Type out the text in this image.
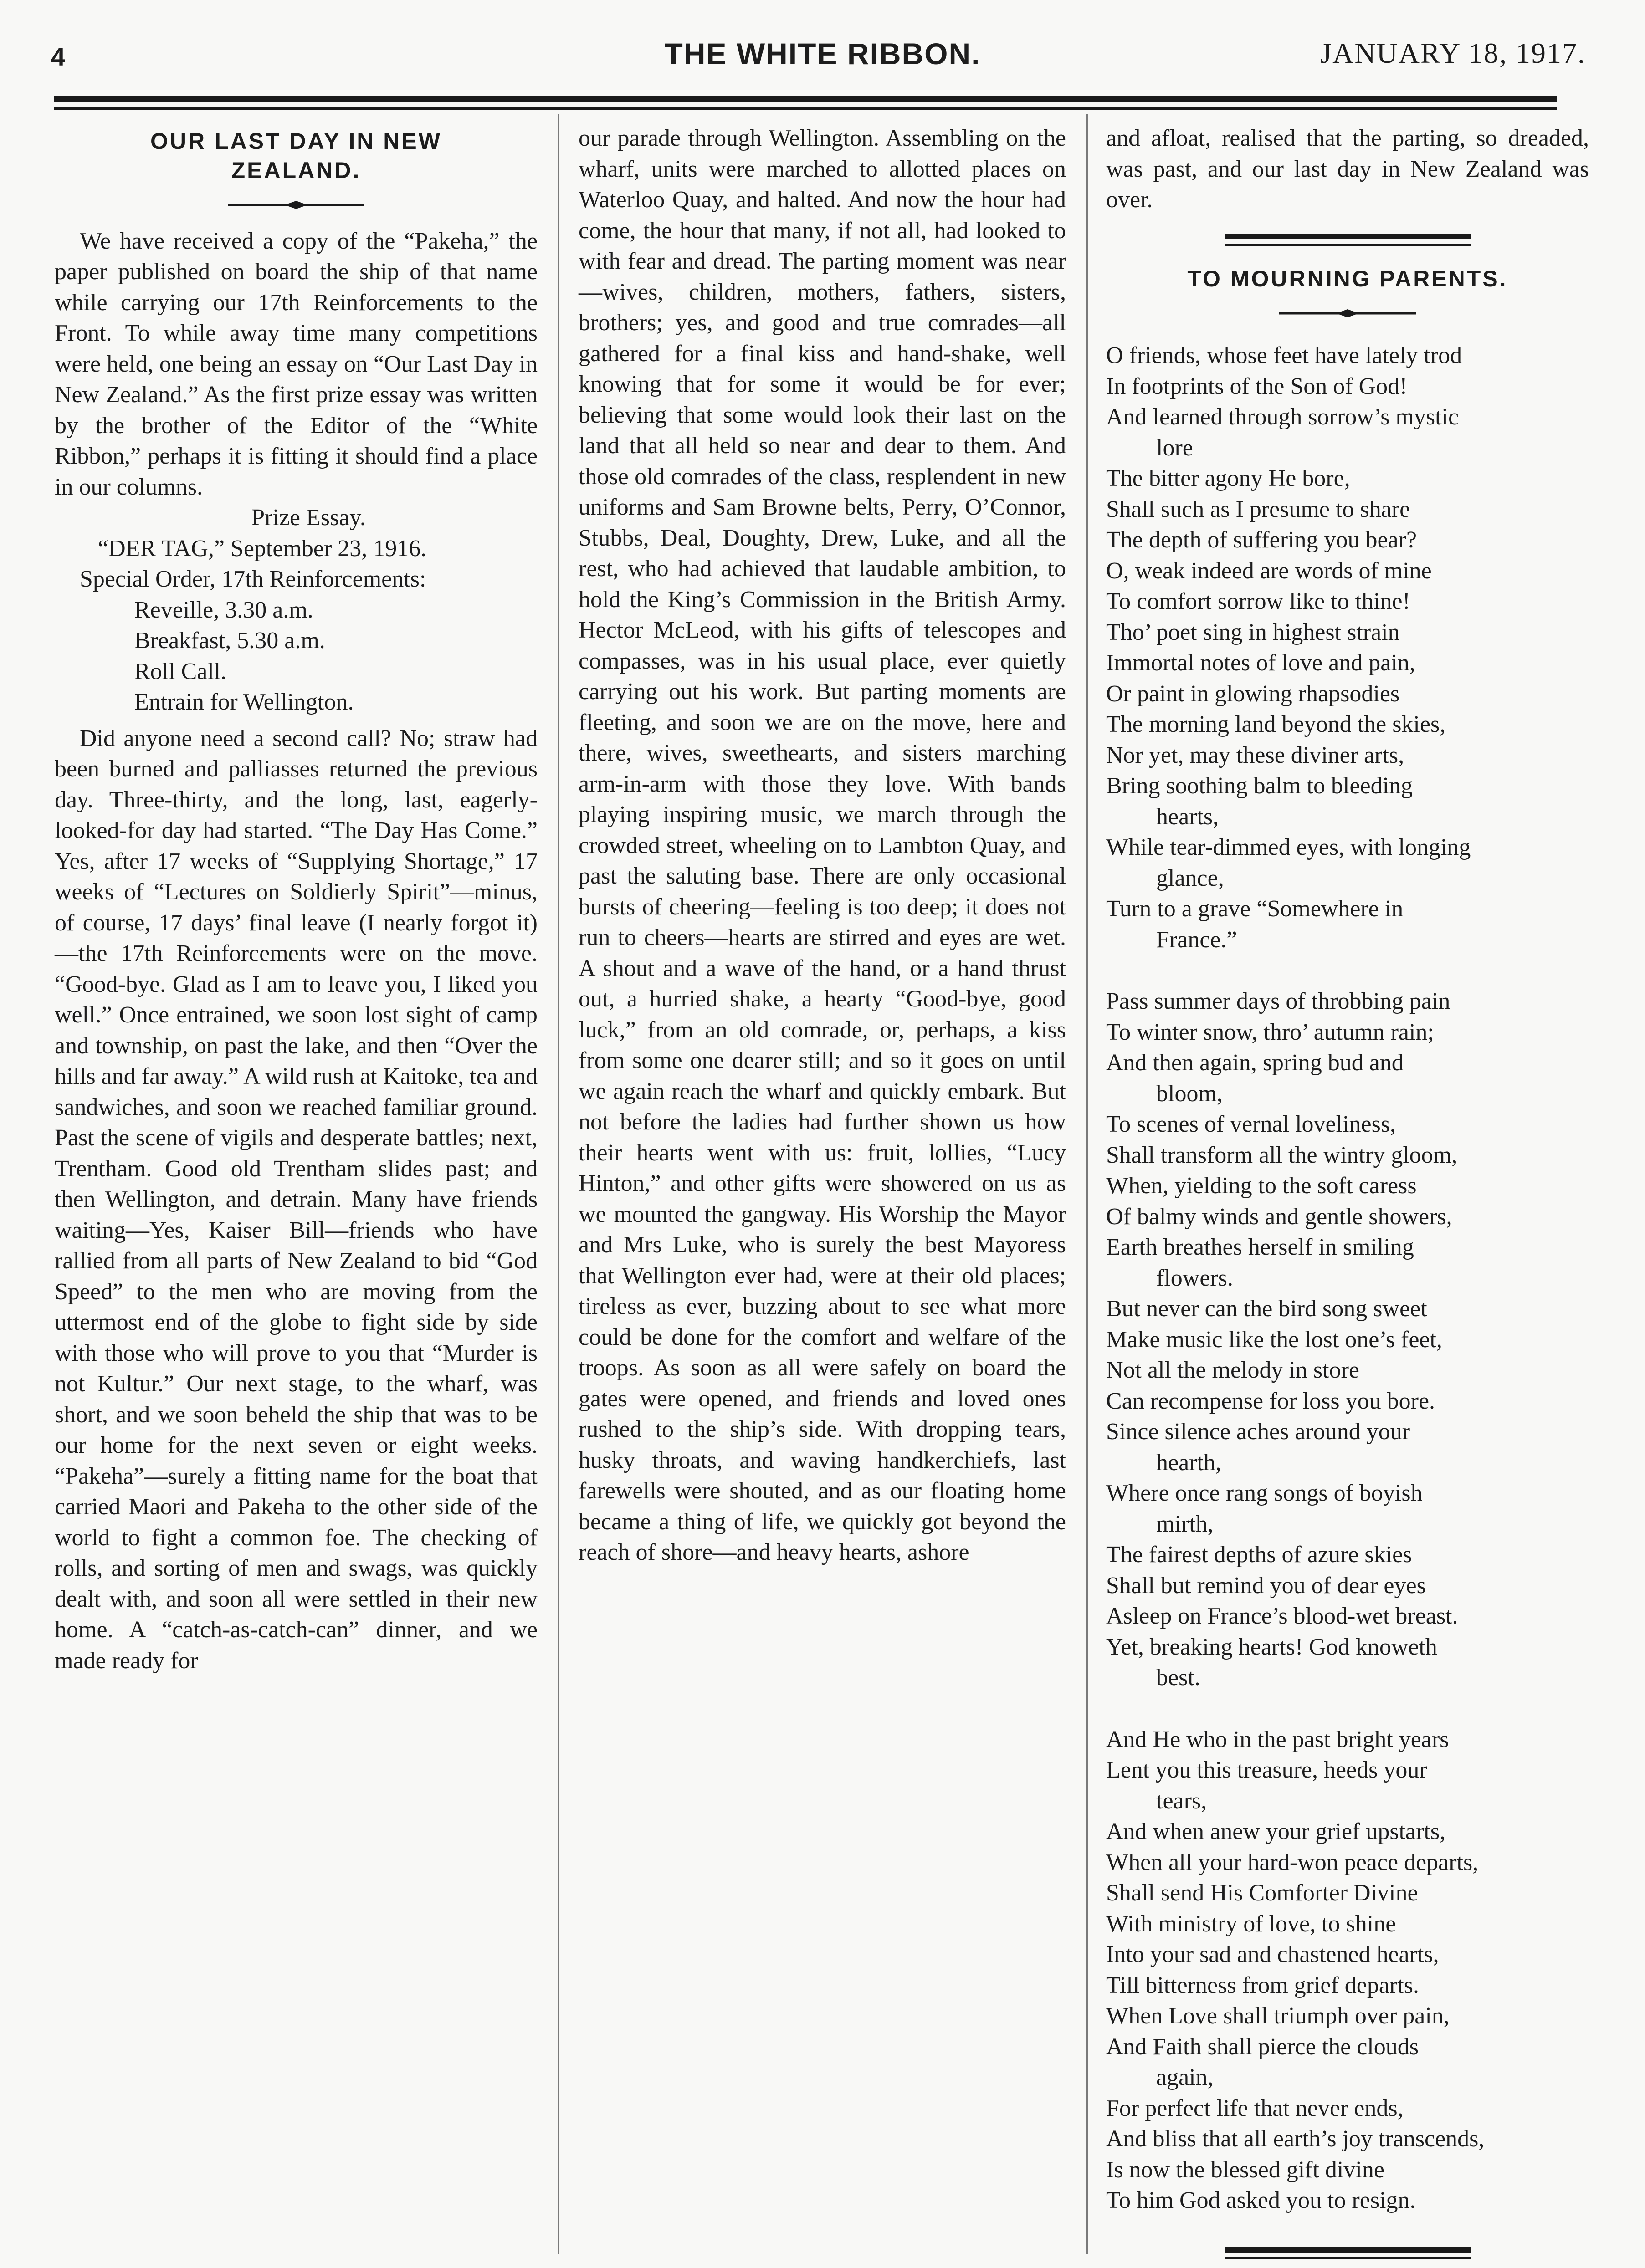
4	THE WHITE RIBBON.	JANUARY 18, 1917.
OUR LAST DAY IN NEW ZEALAND.

We have received a copy of the “Pakeha,” the paper published on board the ship of that name while carrying our 17th Reinforcements to the Front. To while away time many competitions were held, one being an essay on “Our Last Day in New Zealand.” As the first prize essay was written by the brother of the Editor of the “White Ribbon,” perhaps it is fitting it should find a place in our columns.

Prize Essay.

“DER TAG,” September 23, 1916.

Special Order, 17th Reinforcements:

Reveille, 3.30 a.m.

Breakfast, 5.30 a.m.

Roll Call.

Entrain for Wellington.

Did anyone need a second call? No; straw had been burned and palliasses returned the previous day. Three-thirty, and the long, last, eagerly-looked-for day had started. “The Day Has Come.” Yes, after 17 weeks of “Supplying Shortage,” 17 weeks of “Lectures on Soldierly Spirit”—minus, of course, 17 days’ final leave (I nearly forgot it)—the 17th Reinforcements were on the move. “Good-bye. Glad as I am to leave you, I liked you well.” Once entrained, we soon lost sight of camp and township, on past the lake, and then “Over the hills and far away.” A wild rush at Kaitoke, tea and sandwiches, and soon we reached familiar ground. Past the scene of vigils and desperate battles; next, Trentham. Good old Trentham slides past; and then Wellington, and detrain. Many have friends waiting—Yes, Kaiser Bill—friends who have rallied from all parts of New Zealand to bid “God Speed” to the men who are moving from the uttermost end of the globe to fight side by side with those who will prove to you that “Murder is not Kultur.” Our next stage, to the wharf, was short, and we soon beheld the ship that was to be our home for the next seven or eight weeks. “Pakeha”—surely a fitting name for the boat that carried Maori and Pakeha to the other side of the world to fight a common foe. The checking of rolls, and sorting of men and swags, was quickly dealt with, and soon all were settled in their new home. A “catch-as-catch-can” dinner, and we made ready for

our parade through Wellington. Assembling on the wharf, units were marched to allotted places on Waterloo Quay, and halted. And now the hour had come, the hour that many, if not all, had looked to with fear and dread. The parting moment was near—wives, children, mothers, fathers, sisters, brothers; yes, and good and true comrades—all gathered for a final kiss and hand-shake, well knowing that for some it would be for ever; believing that some would look their last on the land that all held so near and dear to them. And those old comrades of the class, resplendent in new uniforms and Sam Browne belts, Perry, O’Connor, Stubbs, Deal, Doughty, Drew, Luke, and all the rest, who had achieved that laudable ambition, to hold the King’s Commission in the British Army. Hector McLeod, with his gifts of telescopes and compasses, was in his usual place, ever quietly carrying out his work. But parting moments are fleeting, and soon we are on the move, here and there, wives, sweethearts, and sisters marching arm-in-arm with those they love. With bands playing inspiring music, we march through the crowded street, wheeling on to Lambton Quay, and past the saluting base. There are only occasional bursts of cheering—feeling is too deep; it does not run to cheers—hearts are stirred and eyes are wet. A shout and a wave of the hand, or a hand thrust out, a hurried shake, a hearty “Good-bye, good luck,” from an old comrade, or, perhaps, a kiss from some one dearer still; and so it goes on until we again reach the wharf and quickly embark. But not before the ladies had further shown us how their hearts went with us: fruit, lollies, “Lucy Hinton,” and other gifts were showered on us as we mounted the gangway. His Worship the Mayor and Mrs Luke, who is surely the best Mayoress that Wellington ever had, were at their old places; tireless as ever, buzzing about to see what more could be done for the comfort and welfare of the troops. As soon as all were safely on board the gates were opened, and friends and loved ones rushed to the ship’s side. With dropping tears, husky throats, and waving handkerchiefs, last farewells were shouted, and as our floating home became a thing of life, we quickly got beyond the reach of shore—and heavy hearts, ashore

and afloat, realised that the parting, so dreaded, was past, and our last day in New Zealand was over.

TO MOURNING PARENTS.
O friends, whose feet have lately trod
In footprints of the Son of God!
And learned through sorrow’s mystic
lore
The bitter agony He bore,
Shall such as I presume to share
The depth of suffering you bear?
O, weak indeed are words of mine
To comfort sorrow like to thine!
Tho’ poet sing in highest strain
Immortal notes of love and pain,
Or paint in glowing rhapsodies
The morning land beyond the skies,
Nor yet, may these diviner arts,
Bring soothing balm to bleeding
hearts,
While tear-dimmed eyes, with longing
glance,
Turn to a grave “Somewhere in
France.”
Pass summer days of throbbing pain
To winter snow, thro’ autumn rain;
And then again, spring bud and
bloom,
To scenes of vernal loveliness,
Shall transform all the wintry gloom,
When, yielding to the soft caress
Of balmy winds and gentle showers,
Earth breathes herself in smiling
flowers.
But never can the bird song sweet
Make music like the lost one’s feet,
Not all the melody in store
Can recompense for loss you bore.
Since silence aches around your
hearth,
Where once rang songs of boyish
mirth,
The fairest depths of azure skies
Shall but remind you of dear eyes
Asleep on France’s blood-wet breast.
Yet, breaking hearts! God knoweth
best.
And He who in the past bright years
Lent you this treasure, heeds your
tears,
And when anew your grief upstarts,
When all your hard-won peace departs,
Shall send His Comforter Divine
With ministry of love, to shine
Into your sad and chastened hearts,
Till bitterness from grief departs.
When Love shall triumph over pain,
And Faith shall pierce the clouds
again,
For perfect life that never ends,
And bliss that all earth’s joy transcends,
Is now the blessed gift divine
To him God asked you to resign.
